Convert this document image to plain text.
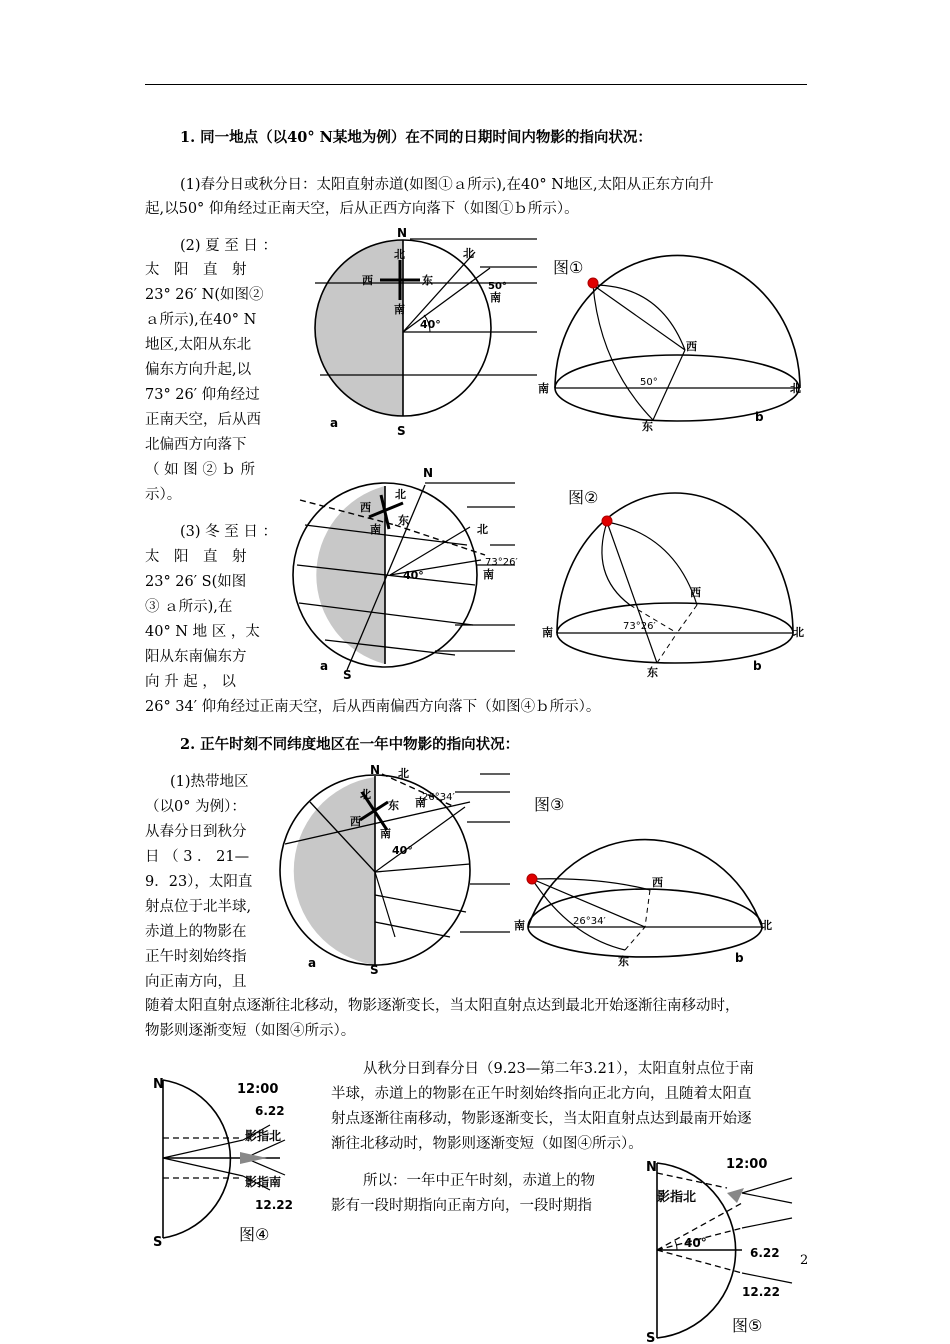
1. 同一地点（以40° N某地为例）在不同的日期时间内物影的指向状况：

(1)春分日或秋分日：太阳直射赤道(如图①ａ所示),在40° N地区,太阳从正东方向升

起,以50° 仰角经过正南天空，后从正西方向落下（如图①ｂ所示）。

(2) 夏 至 日 ：

太　阳　直　射

23° 26′ N(如图②

ａ所示),在40° N

地区,太阳从东北

偏东方向升起,以

73° 26′ 仰角经过

正南天空，后从西

北偏西方向落下

（ 如 图 ② ｂ 所

示）。

(3) 冬 至 日 ：

太　阳　直　射

23° 26′ S(如图

③ ａ所示),在

40° N 地 区 ，太

阳从东南偏东方

向 升 起 ， 以

26° 34′ 仰角经过正南天空，后从西南偏西方向落下（如图④ｂ所示）。

2. 正午时刻不同纬度地区在一年中物影的指向状况：

(1)热带地区

（以0° 为例）：

从春分日到秋分

日 （ 3 ． 21—

9．23），太阳直

射点位于北半球,

赤道上的物影在

正午时刻始终指

向正南方向，且

随着太阳直射点逐渐往北移动，物影逐渐变长，当太阳直射点达到最北开始逐渐往南移动时，

物影则逐渐变短（如图④所示）。

从秋分日到春分日（9.23—第二年3.21），太阳直射点位于南

半球，赤道上的物影在正午时刻始终指向正北方向，且随着太阳直

射点逐渐往南移动，物影逐渐变长，当太阳直射点达到最南开始逐

渐往北移动时，物影则逐渐变短（如图④所示）。

所以：一年中正午时刻，赤道上的物

影有一段时期指向正南方向，一段时期指

2

N
S
北
南
东
西
北
南
50°
40°
a
图①
南	北
东
西
50°
b
N
S
北
南
东
西
北
南
73°26′
40°
a
图②
南	北
东
西
73°26′
b
N
S
北
南
东
西
北
南
26°34′
40°
a
图③
南	北
东
西
26°34′
b
N
S
12:00
6.22
影指北
影指南
12.22
图④
N
S
12:00
影指北
40°
6.22
12.22
图⑤
